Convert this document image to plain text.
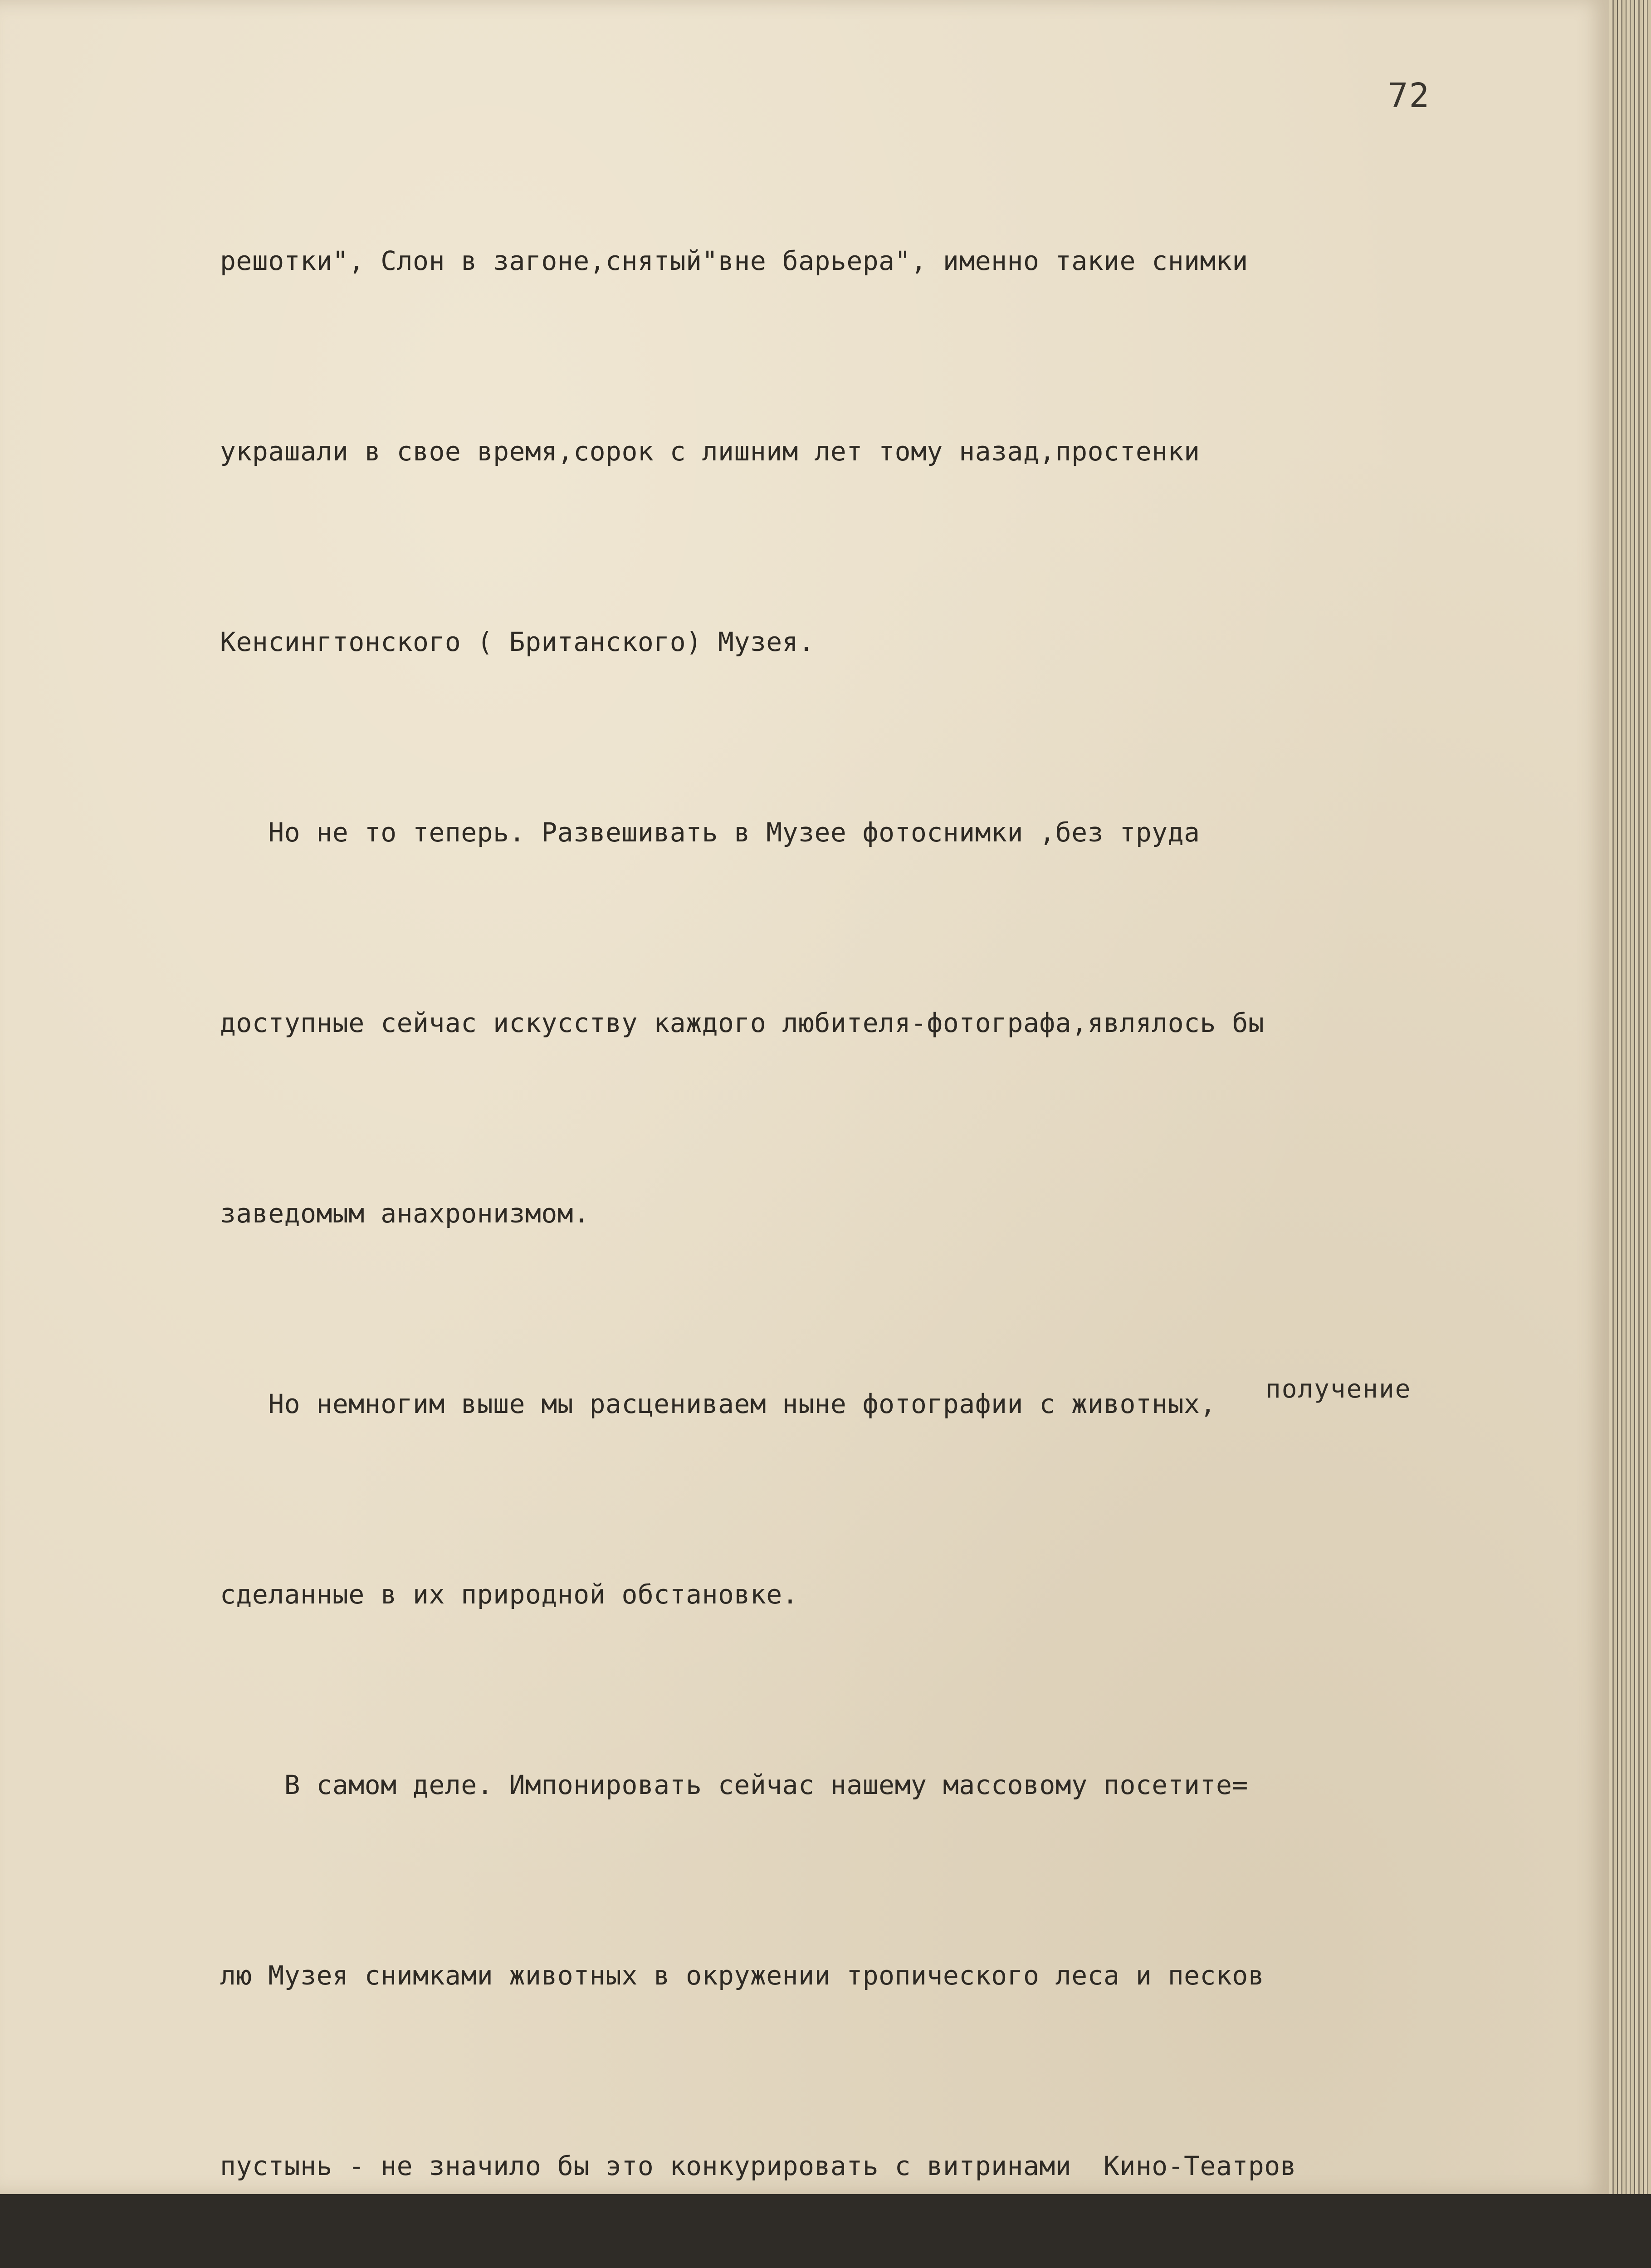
72
получение

решотки", Слон в загоне,снятый"вне барьера", именно такие снимки

украшали в свое время,сорок с лишним лет тому назад,простенки

Кенсингтонского ( Британского) Музея.

Но не то теперь. Развешивать в Музее фотоснимки ,без труда

доступные сейчас искусству каждого любителя-фотографа,являлось бы

заведомым анахронизмом.

Но немногим выше мы расцениваем ныне фотографии с животных,

сделанные в их природной обстановке.

В самом деле. Импонировать сейчас нашему массовому посетите=

лю Музея снимками животных в окружении тропического леса и песков

пустынь - не значило бы это конкурировать с витринами  Кино-Театров
